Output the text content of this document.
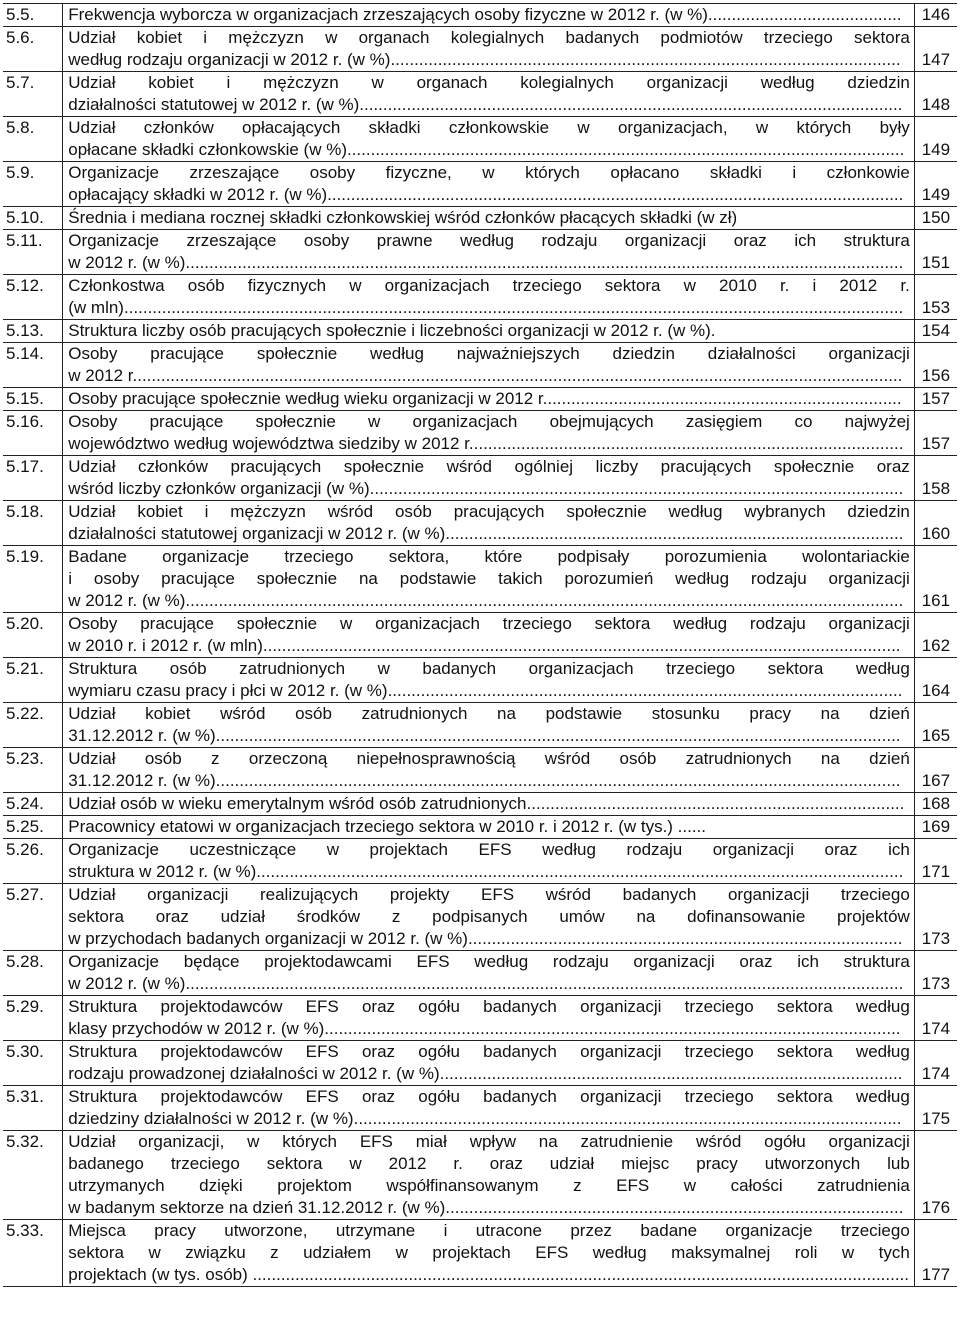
5.5.	Frekwencja wyborcza w organizacjach zrzeszających osoby fizyczne w 2012 r. (w %).........................................	146
5.6.	Udział kobiet i mężczyzn w organach kolegialnych badanych podmiotów trzeciego sektora
według rodzaju organizacji w 2012 r. (w %)............................................................................................................	147
5.7.	Udział kobiet i mężczyzn w organach kolegialnych organizacji według dziedzin
działalności statutowej w 2012 r. (w %)...................................................................................................................	148
5.8.	Udział członków opłacających składki członkowskie w organizacjach, w których były
opłacane składki członkowskie (w %)......................................................................................................................	149
5.9.	Organizacje zrzeszające osoby fizyczne, w których opłacano składki i członkowie
opłacający składki w 2012 r. (w %)..........................................................................................................................	149
5.10.	Średnia i mediana rocznej składki członkowskiej wśród członków płacących składki (w zł)	150
5.11.	Organizacje zrzeszające osoby prawne według rodzaju organizacji oraz ich struktura
w 2012 r. (w %)........................................................................................................................................................	151
5.12.	Członkostwa osób fizycznych w organizacjach trzeciego sektora w 2010 r. i 2012 r.
(w mln).....................................................................................................................................................................	153
5.13.	Struktura liczby osób pracujących społecznie i liczebności organizacji w 2012 r. (w %).	154
5.14.	Osoby pracujące społecznie według najważniejszych dziedzin działalności organizacji
w 2012 r...................................................................................................................................................................	156
5.15.	Osoby pracujące społecznie według wieku organizacji w 2012 r............................................................................	157
5.16.	Osoby pracujące społecznie w organizacjach obejmujących zasięgiem co najwyżej
województwo według województwa siedziby w 2012 r............................................................................................	157
5.17.	Udział członków pracujących społecznie wśród ogólniej liczby pracujących społecznie oraz
wśród liczby członków organizacji (w %).................................................................................................................	158
5.18.	Udział kobiet i mężczyzn wśród osób pracujących społecznie według wybranych dziedzin
działalności statutowej organizacji w 2012 r. (w %).................................................................................................	160
5.19.	Badane organizacje trzeciego sektora, które podpisały porozumienia wolontariackie
i osoby pracujące społecznie na podstawie takich porozumień według rodzaju organizacji
w 2012 r. (w %)........................................................................................................................................................	161
5.20.	Osoby pracujące społecznie w organizacjach trzeciego sektora według rodzaju organizacji
w 2010 r. i 2012 r. (w mln).......................................................................................................................................	162
5.21.	Struktura osób zatrudnionych w badanych organizacjach trzeciego sektora według
wymiaru czasu pracy i płci w 2012 r. (w %).............................................................................................................	164
5.22.	Udział kobiet wśród osób zatrudnionych na podstawie stosunku pracy na dzień
31.12.2012 r. (w %).................................................................................................................................................	165
5.23.	Udział osób z orzeczoną niepełnosprawnością wśród osób zatrudnionych na dzień
31.12.2012 r. (w %).................................................................................................................................................	167
5.24.	Udział osób w wieku emerytalnym wśród osób zatrudnionych................................................................................	168
5.25.	Pracownicy etatowi w organizacjach trzeciego sektora w 2010 r. i 2012 r. (w tys.) ......	169
5.26.	Organizacje uczestniczące w projektach EFS według rodzaju organizacji oraz ich
struktura w 2012 r. (w %).........................................................................................................................................	171
5.27.	Udział organizacji realizujących projekty EFS wśród badanych organizacji trzeciego
sektora oraz udział środków z podpisanych umów na dofinansowanie projektów
w przychodach badanych organizacji w 2012 r. (w %)............................................................................................	173
5.28.	Organizacje będące projektodawcami EFS według rodzaju organizacji oraz ich struktura
w 2012 r. (w %)........................................................................................................................................................	173
5.29.	Struktura projektodawców EFS oraz ogółu badanych organizacji trzeciego sektora według
klasy przychodów w 2012 r. (w %)..........................................................................................................................	174
5.30.	Struktura projektodawców EFS oraz ogółu badanych organizacji trzeciego sektora według
rodzaju prowadzonej działalności w 2012 r. (w %)..................................................................................................	174
5.31.	Struktura projektodawców EFS oraz ogółu badanych organizacji trzeciego sektora według
dziedziny działalności w 2012 r. (w %)....................................................................................................................	175
5.32.	Udział organizacji, w których EFS miał wpływ na zatrudnienie wśród ogółu organizacji
badanego trzeciego sektora w 2012 r. oraz udział miejsc pracy utworzonych lub
utrzymanych dzięki projektom współfinansowanym z EFS w całości zatrudnienia
w badanym sektorze na dzień 31.12.2012 r. (w %).................................................................................................	176
5.33.	Miejsca pracy utworzone, utrzymane i utracone przez badane organizacje trzeciego
sektora w związku z udziałem w projektach EFS według maksymalnej roli w tych
projektach (w tys. osób) ...........................................................................................................................................	177
